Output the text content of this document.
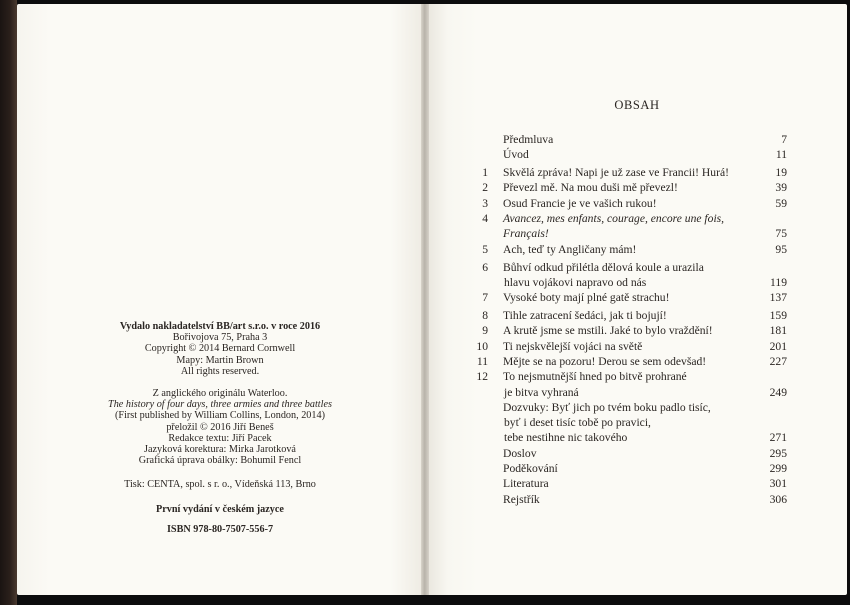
Vydalo nakladatelství BB/art s.r.o. v roce 2016
Bořivojova 75, Praha 3
Copyright © 2014 Bernard Cornwell
Mapy: Martin Brown
All rights reserved.
Z anglického originálu Waterloo.
The history of four days, three armies and three battles
(First published by William Collins, London, 2014)
přeložil © 2016 Jiří Beneš
Redakce textu: Jiří Pacek
Jazyková korektura: Mirka Jarotková
Grafická úprava obálky: Bohumil Fencl
Tisk: CENTA, spol. s r. o., Vídeňská 113, Brno
První vydání v českém jazyce
ISBN 978-80-7507-556-7
OBSAH
Předmluva	7
Úvod	11
1 Skvělá zpráva! Napi je už zase ve Francii! Hurá!	19
2 Převezl mě. Na mou duši mě převezl!	39
3 Osud Francie je ve vašich rukou!	59
4 Avancez, mes enfants, courage, encore une fois, Français!	75
5 Ach, teď ty Angličany mám!	95
6 Bůhví odkud přilétla dělová koule a urazila
hlavu vojákovi napravo od nás	119
7 Vysoké boty mají plné gatě strachu!	137
8 Tihle zatracení šedáci, jak ti bojují!	159
9 A krutě jsme se mstili. Jaké to bylo vraždění!	181
10 Ti nejskvělejší vojáci na světě	201
11 Mějte se na pozoru! Derou se sem odevšad!	227
12 To nejsmutnější hned po bitvě prohrané
je bitva vyhraná	249
Dozvuky: Byť jich po tvém boku padlo tisíc,
byť i deset tisíc tobě po pravici,
tebe nestihne nic takového	271
Doslov	295
Poděkování	299
Literatura	301
Rejstřík	306
